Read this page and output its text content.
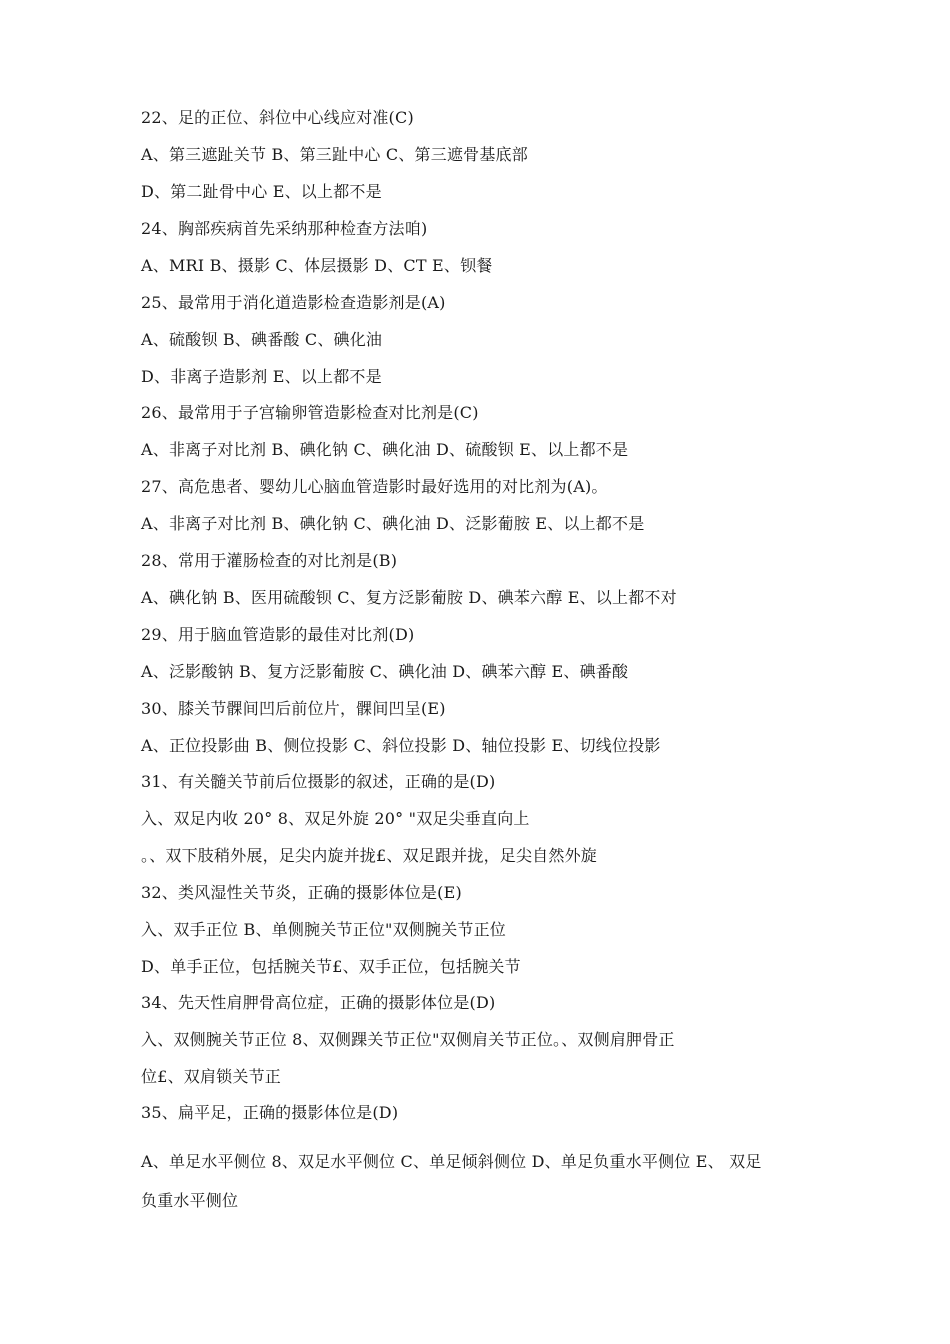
22、足的正位、斜位中心线应对准(C)
A、第三遮趾关节 B、第三趾中心 C、第三遮骨基底部
D、第二趾骨中心 E、以上都不是
24、胸部疾病首先采纳那种检查方法咱)
A、MRI B、摄影 C、体层摄影 D、CT E、钡餐
25、最常用于消化道造影检查造影剂是(A)
A、硫酸钡 B、碘番酸 C、碘化油
D、非离子造影剂 E、以上都不是
26、最常用于子宫输卵管造影检查对比剂是(C)
A、非离子对比剂 B、碘化钠 C、碘化油 D、硫酸钡 E、以上都不是
27、高危患者、婴幼儿心脑血管造影时最好选用的对比剂为(A)。
A、非离子对比剂 B、碘化钠 C、碘化油 D、泛影葡胺 E、以上都不是
28、常用于灌肠检查的对比剂是(B)
A、碘化钠 B、医用硫酸钡 C、复方泛影葡胺 D、碘苯六醇 E、以上都不对
29、用于脑血管造影的最佳对比剂(D)
A、泛影酸钠 B、复方泛影葡胺 C、碘化油 D、碘苯六醇 E、碘番酸
30、膝关节髁间凹后前位片，髁间凹呈(E)
A、正位投影曲 B、侧位投影 C、斜位投影 D、轴位投影 E、切线位投影
31、有关髓关节前后位摄影的叙述，正确的是(D)
入、双足内收 20° 8、双足外旋 20° "双足尖垂直向上
。、双下肢稍外展，足尖内旋并拢£、双足跟并拢，足尖自然外旋
32、类风湿性关节炎，正确的摄影体位是(E)
入、双手正位 B、单侧腕关节正位"双侧腕关节正位
D、单手正位，包括腕关节£、双手正位，包括腕关节
34、先天性肩胛骨高位症，正确的摄影体位是(D)
入、双侧腕关节正位 8、双侧踝关节正位"双侧肩关节正位。、双侧肩胛骨正
位£、双肩锁关节正
35、扁平足，正确的摄影体位是(D)
A、单足水平侧位 8、双足水平侧位 C、单足倾斜侧位 D、单足负重水平侧位 E、 双足
负重水平侧位
